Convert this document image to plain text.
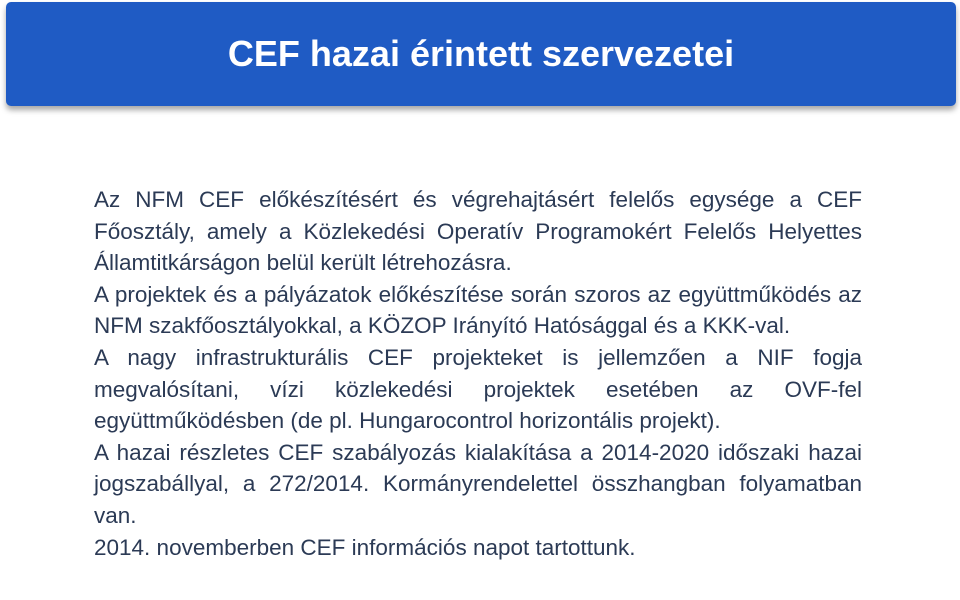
CEF hazai érintett szervezetei

Az NFM CEF előkészítésért és végrehajtásért felelős egysége a CEF Főosztály, amely a Közlekedési Operatív Programokért Felelős Helyettes Államtitkárságon belül került létrehozásra.

A projektek és a pályázatok előkészítése során szoros az együttműködés az NFM szakfőosztályokkal, a KÖZOP Irányító Hatósággal és a KKK-val.

A nagy infrastrukturális CEF projekteket is jellemzően a NIF fogja megvalósítani, vízi közlekedési projektek esetében az OVF-fel együttműködésben (de pl. Hungarocontrol horizontális projekt).

A hazai részletes CEF szabályozás kialakítása a 2014-2020 időszaki hazai jogszabállyal, a 272/2014. Kormányrendelettel összhangban folyamatban van.

2014. novemberben CEF információs napot tartottunk.
